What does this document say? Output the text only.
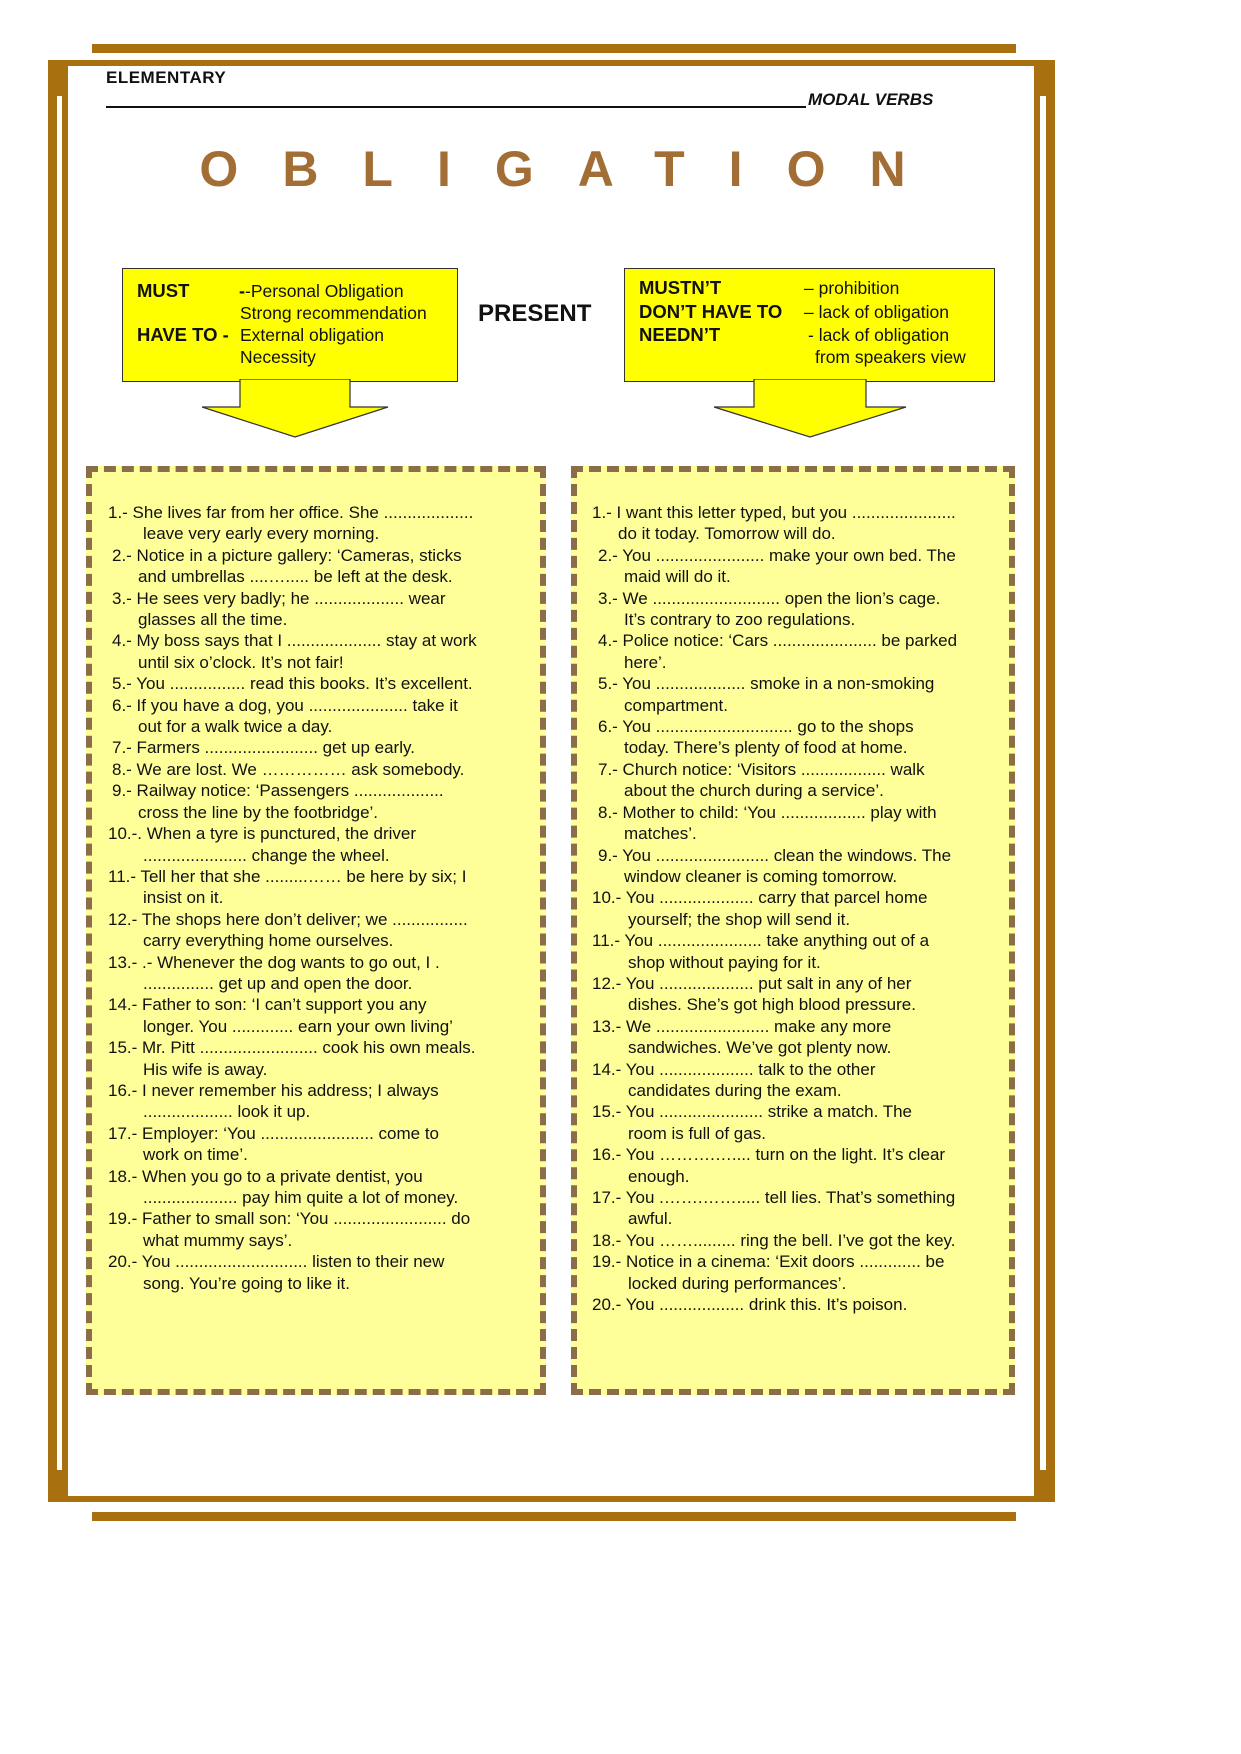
ELEMENTARY
MODAL VERBS
OBLIGATION
MUST	--Personal Obligation
Strong recommendation
HAVE TO - External obligation
Necessity
PRESENT
MUSTN’T	– prohibition
DON’T HAVE TO – lack of obligation
NEEDN’T	- lack of obligation
from speakers view
1.- She lives far from her office. She ...................
leave very early every morning.
2.- Notice in a picture gallery: ‘Cameras, sticks
and umbrellas ....…..... be left at the desk.
3.- He sees very badly; he ................... wear
glasses all the time.
4.- My boss says that I .................... stay at work
until six o’clock. It’s not fair!
5.- You ................ read this books. It’s excellent.
6.- If you have a dog, you ..................... take it
out for a walk twice a day.
7.- Farmers ........................ get up early.
8.- We are lost. We …………… ask somebody.
9.- Railway notice: ‘Passengers ...................
cross the line by the footbridge’.
10.-. When a tyre is punctured, the driver
...................... change the wheel.
11.- Tell her that she .........…… be here by six; I
insist on it.
12.- The shops here don’t deliver; we ................
carry everything home ourselves.
13.- .- Whenever the dog wants to go out, I .
............... get up and open the door.
14.- Father to son: ‘I can’t support you any
longer. You ............. earn your own living’
15.- Mr. Pitt ......................... cook his own meals.
His wife is away.
16.- I never remember his address; I always
................... look it up.
17.- Employer: ‘You ........................ come to
work on time’.
18.- When you go to a private dentist, you
.................... pay him quite a lot of money.
19.- Father to small son: ‘You ........................ do
what mummy says’.
20.- You ............................ listen to their new
song. You’re going to like it.
1.- I want this letter typed, but you ......................
do it today. Tomorrow will do.
2.- You ....................... make your own bed. The
maid will do it.
3.- We ........................... open the lion’s cage.
It’s contrary to zoo regulations.
4.- Police notice: ‘Cars ...................... be parked
here’.
5.- You ................... smoke in a non-smoking
compartment.
6.- You ............................. go to the shops
today. There’s plenty of food at home.
7.- Church notice: ‘Visitors .................. walk
about the church during a service’.
8.- Mother to child: ‘You .................. play with
matches’.
9.- You ........................ clean the windows. The
window cleaner is coming tomorrow.
10.- You .................... carry that parcel home
yourself; the shop will send it.
11.- You ...................... take anything out of a
shop without paying for it.
12.- You .................... put salt in any of her
dishes. She’s got high blood pressure.
13.- We ........................ make any more
sandwiches. We’ve got plenty now.
14.- You .................... talk to the other
candidates during the exam.
15.- You ...................... strike a match. The
room is full of gas.
16.- You ……….….... turn on the light. It’s clear
enough.
17.- You .…….……..... tell lies. That’s something
awful.
18.- You ……......... ring the bell. I’ve got the key.
19.- Notice in a cinema: ‘Exit doors ............. be
locked during performances’.
20.- You .................. drink this. It’s poison.
